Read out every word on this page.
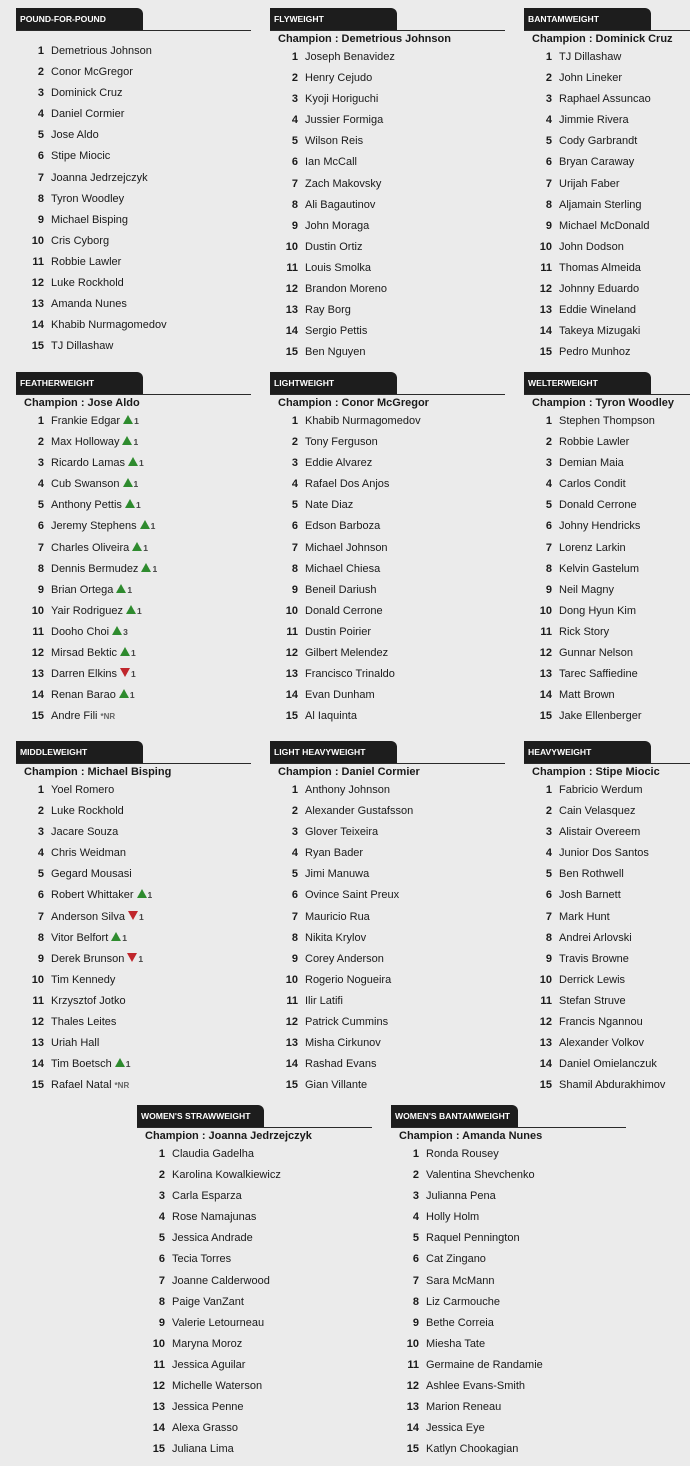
POUND-FOR-POUND
1 Demetrious Johnson
2 Conor McGregor
3 Dominick Cruz
4 Daniel Cormier
5 Jose Aldo
6 Stipe Miocic
7 Joanna Jedrzejczyk
8 Tyron Woodley
9 Michael Bisping
10 Cris Cyborg
11 Robbie Lawler
12 Luke Rockhold
13 Amanda Nunes
14 Khabib Nurmagomedov
15 TJ Dillashaw
FLYWEIGHT
Champion : Demetrious Johnson
1 Joseph Benavidez
2 Henry Cejudo
3 Kyoji Horiguchi
4 Jussier Formiga
5 Wilson Reis
6 Ian McCall
7 Zach Makovsky
8 Ali Bagautinov
9 John Moraga
10 Dustin Ortiz
11 Louis Smolka
12 Brandon Moreno
13 Ray Borg
14 Sergio Pettis
15 Ben Nguyen
BANTAMWEIGHT
Champion : Dominick Cruz
1 TJ Dillashaw
2 John Lineker
3 Raphael Assuncao
4 Jimmie Rivera
5 Cody Garbrandt
6 Bryan Caraway
7 Urijah Faber
8 Aljamain Sterling
9 Michael McDonald
10 John Dodson
11 Thomas Almeida
12 Johnny Eduardo
13 Eddie Wineland
14 Takeya Mizugaki
15 Pedro Munhoz
FEATHERWEIGHT
Champion : Jose Aldo
1 Frankie Edgar 1
2 Max Holloway 1
3 Ricardo Lamas 1
4 Cub Swanson 1
5 Anthony Pettis 1
6 Jeremy Stephens 1
7 Charles Oliveira 1
8 Dennis Bermudez 1
9 Brian Ortega 1
10 Yair Rodriguez 1
11 Dooho Choi 3
12 Mirsad Bektic 1
13 Darren Elkins 1
14 Renan Barao 1
15 Andre Fili *NR
LIGHTWEIGHT
Champion : Conor McGregor
1 Khabib Nurmagomedov
2 Tony Ferguson
3 Eddie Alvarez
4 Rafael Dos Anjos
5 Nate Diaz
6 Edson Barboza
7 Michael Johnson
8 Michael Chiesa
9 Beneil Dariush
10 Donald Cerrone
11 Dustin Poirier
12 Gilbert Melendez
13 Francisco Trinaldo
14 Evan Dunham
15 Al Iaquinta
WELTERWEIGHT
Champion : Tyron Woodley
1 Stephen Thompson
2 Robbie Lawler
3 Demian Maia
4 Carlos Condit
5 Donald Cerrone
6 Johny Hendricks
7 Lorenz Larkin
8 Kelvin Gastelum
9 Neil Magny
10 Dong Hyun Kim
11 Rick Story
12 Gunnar Nelson
13 Tarec Saffiedine
14 Matt Brown
15 Jake Ellenberger
MIDDLEWEIGHT
Champion : Michael Bisping
1 Yoel Romero
2 Luke Rockhold
3 Jacare Souza
4 Chris Weidman
5 Gegard Mousasi
6 Robert Whittaker 1
7 Anderson Silva 1
8 Vitor Belfort 1
9 Derek Brunson 1
10 Tim Kennedy
11 Krzysztof Jotko
12 Thales Leites
13 Uriah Hall
14 Tim Boetsch 1
15 Rafael Natal *NR
LIGHT HEAVYWEIGHT
Champion : Daniel Cormier
1 Anthony Johnson
2 Alexander Gustafsson
3 Glover Teixeira
4 Ryan Bader
5 Jimi Manuwa
6 Ovince Saint Preux
7 Mauricio Rua
8 Nikita Krylov
9 Corey Anderson
10 Rogerio Nogueira
11 Ilir Latifi
12 Patrick Cummins
13 Misha Cirkunov
14 Rashad Evans
15 Gian Villante
HEAVYWEIGHT
Champion : Stipe Miocic
1 Fabricio Werdum
2 Cain Velasquez
3 Alistair Overeem
4 Junior Dos Santos
5 Ben Rothwell
6 Josh Barnett
7 Mark Hunt
8 Andrei Arlovski
9 Travis Browne
10 Derrick Lewis
11 Stefan Struve
12 Francis Ngannou
13 Alexander Volkov
14 Daniel Omielanczuk
15 Shamil Abdurakhimov
WOMEN'S STRAWWEIGHT
Champion : Joanna Jedrzejczyk
1 Claudia Gadelha
2 Karolina Kowalkiewicz
3 Carla Esparza
4 Rose Namajunas
5 Jessica Andrade
6 Tecia Torres
7 Joanne Calderwood
8 Paige VanZant
9 Valerie Letourneau
10 Maryna Moroz
11 Jessica Aguilar
12 Michelle Waterson
13 Jessica Penne
14 Alexa Grasso
15 Juliana Lima
WOMEN'S BANTAMWEIGHT
Champion : Amanda Nunes
1 Ronda Rousey
2 Valentina Shevchenko
3 Julianna Pena
4 Holly Holm
5 Raquel Pennington
6 Cat Zingano
7 Sara McMann
8 Liz Carmouche
9 Bethe Correia
10 Miesha Tate
11 Germaine de Randamie
12 Ashlee Evans-Smith
13 Marion Reneau
14 Jessica Eye
15 Katlyn Chookagian
